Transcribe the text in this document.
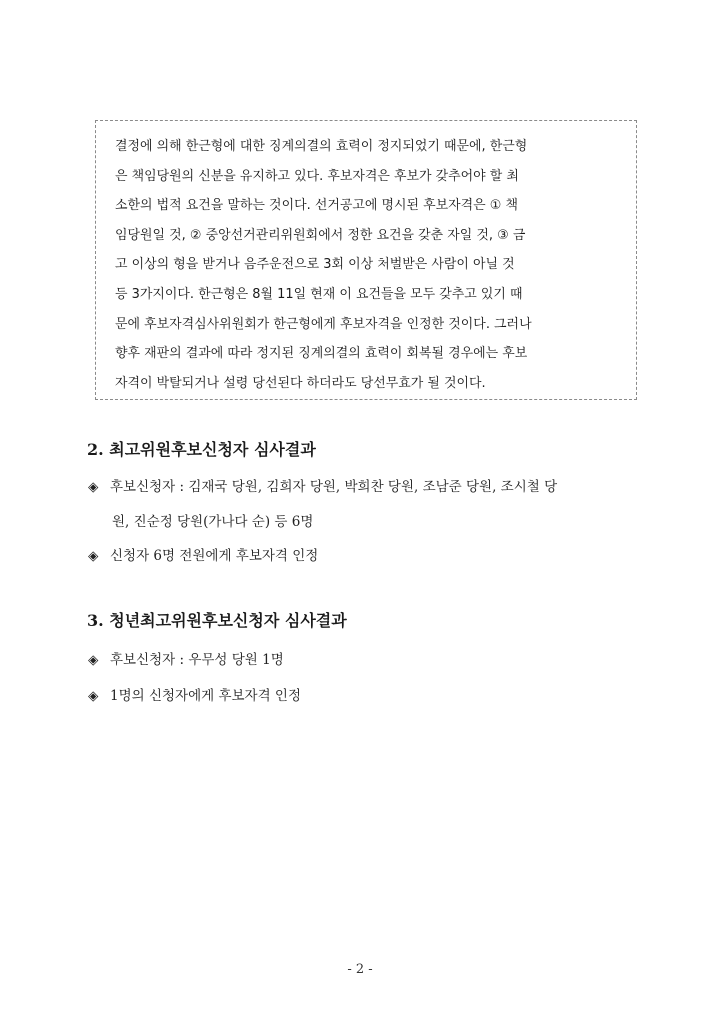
결정에 의해 한근형에 대한 징계의결의 효력이 정지되었기 때문에, 한근형
은 책임당원의 신분을 유지하고 있다. 후보자격은 후보가 갖추어야 할 최
소한의 법적 요건을 말하는 것이다. 선거공고에 명시된 후보자격은 ① 책
임당원일 것, ② 중앙선거관리위원회에서 정한 요건을 갖춘 자일 것, ③ 금
고 이상의 형을 받거나 음주운전으로 3회 이상 처벌받은 사람이 아닐 것
등 3가지이다. 한근형은 8월 11일 현재 이 요건들을 모두 갖추고 있기 때
문에 후보자격심사위원회가 한근형에게 후보자격을 인정한 것이다. 그러나
향후 재판의 결과에 따라 정지된 징계의결의 효력이 회복될 경우에는 후보
자격이 박탈되거나 설령 당선된다 하더라도 당선무효가 될 것이다.
2. 최고위원후보신청자 심사결과
◈ 후보신청자 : 김재국 당원, 김희자 당원, 박희찬 당원, 조남준 당원, 조시철 당
원, 진순정 당원(가나다 순) 등 6명
◈ 신청자 6명 전원에게 후보자격 인정
3. 청년최고위원후보신청자 심사결과
◈ 후보신청자 : 우무성 당원 1명
◈ 1명의 신청자에게 후보자격 인정
- 2 -
